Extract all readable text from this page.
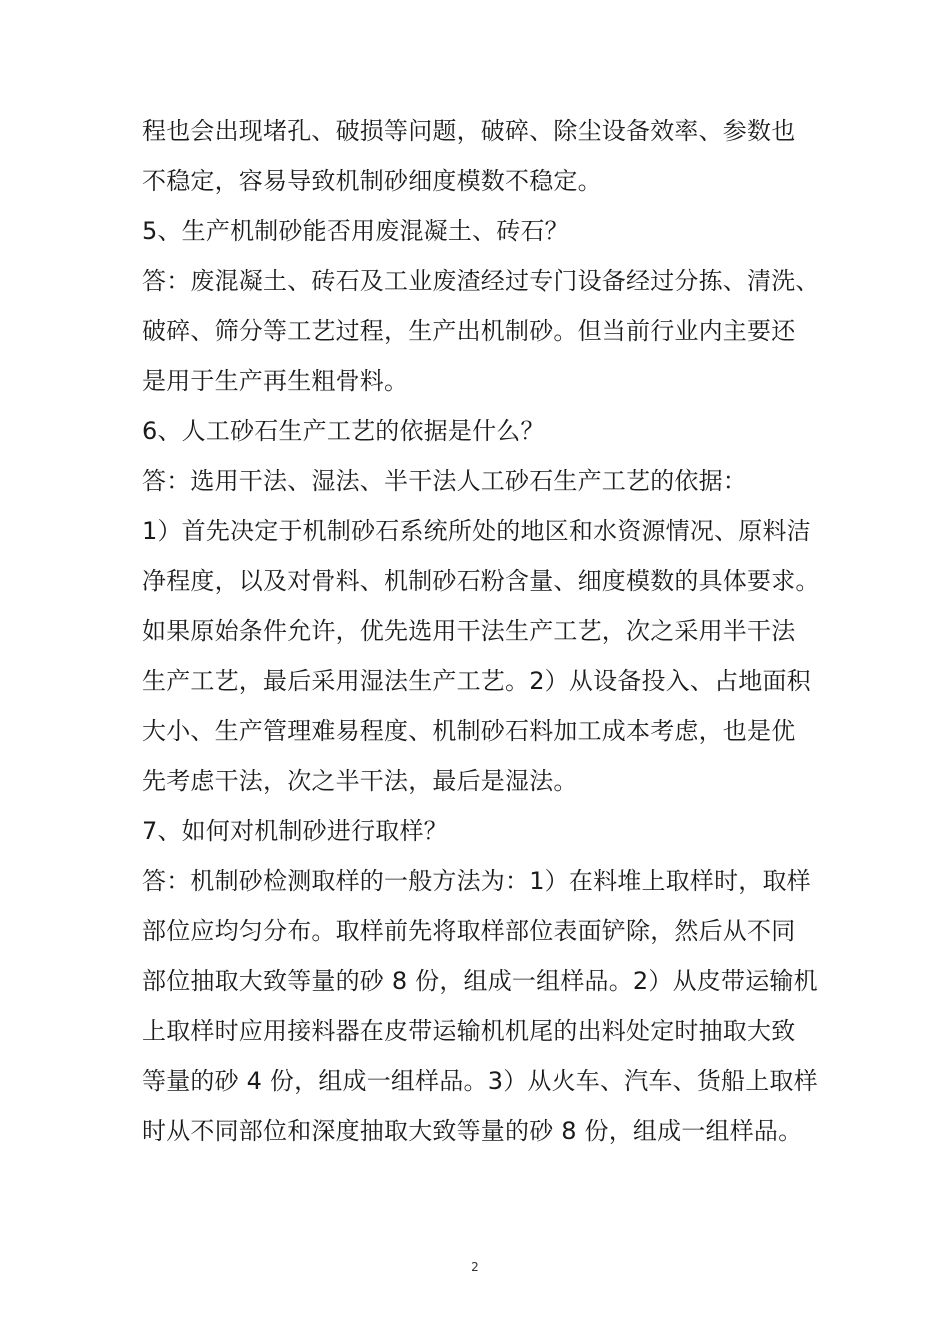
程也会出现堵孔、破损等问题，破碎、除尘设备效率、参数也
不稳定，容易导致机制砂细度模数不稳定。
5、生产机制砂能否用废混凝土、砖石？
答：废混凝土、砖石及工业废渣经过专门设备经过分拣、清洗、
破碎、筛分等工艺过程，生产出机制砂。但当前行业内主要还
是用于生产再生粗骨料。
6、人工砂石生产工艺的依据是什么？
答：选用干法、湿法、半干法人工砂石生产工艺的依据：
1）首先决定于机制砂石系统所处的地区和水资源情况、原料洁
净程度，以及对骨料、机制砂石粉含量、细度模数的具体要求。
如果原始条件允许，优先选用干法生产工艺，次之采用半干法
生产工艺，最后采用湿法生产工艺。2）从设备投入、占地面积
大小、生产管理难易程度、机制砂石料加工成本考虑，也是优
先考虑干法，次之半干法，最后是湿法。
7、如何对机制砂进行取样？
答：机制砂检测取样的一般方法为：1）在料堆上取样时，取样
部位应均匀分布。取样前先将取样部位表面铲除，然后从不同
部位抽取大致等量的砂 8 份，组成一组样品。2）从皮带运输机
上取样时应用接料器在皮带运输机机尾的出料处定时抽取大致
等量的砂 4 份，组成一组样品。3）从火车、汽车、货船上取样
时从不同部位和深度抽取大致等量的砂 8 份，组成一组样品。
2
